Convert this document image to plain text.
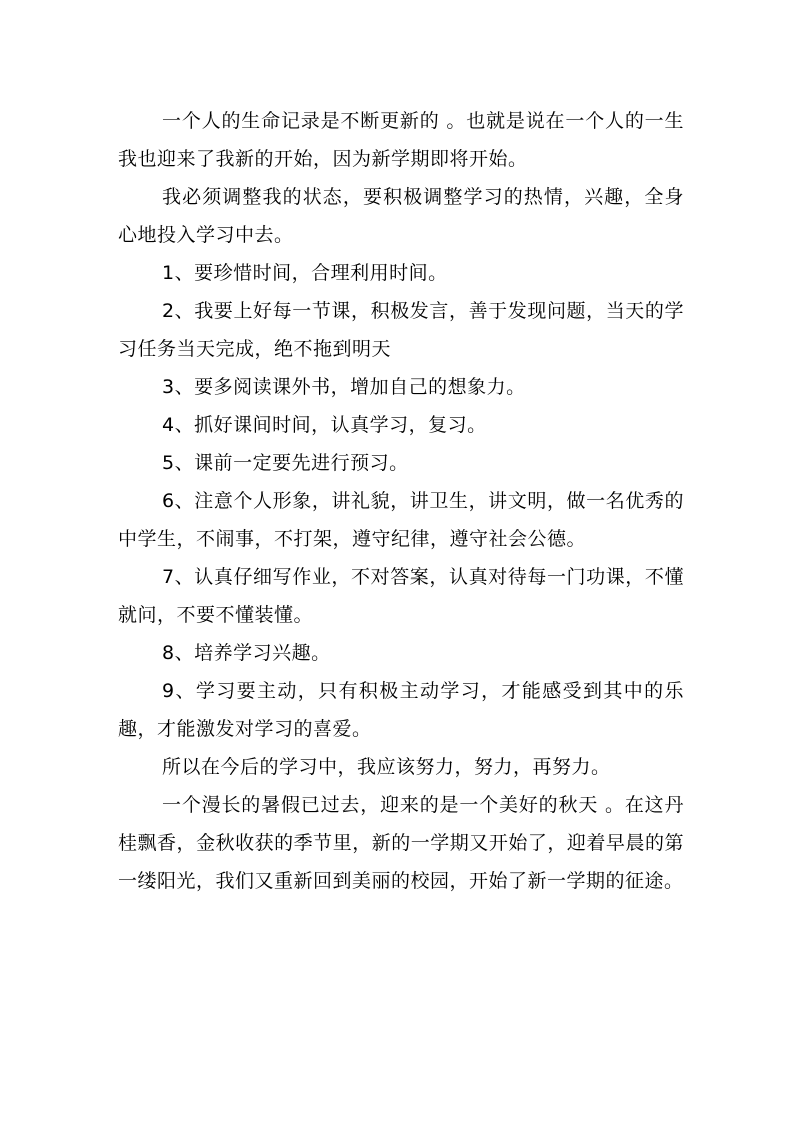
一个人的生命记录是不断更新的 。也就是说在一个人的一生我也迎来了我新的开始，因为新学期即将开始。

我必须调整我的状态，要积极调整学习的热情，兴趣，全身心地投入学习中去。

1、要珍惜时间，合理利用时间。

2、我要上好每一节课，积极发言，善于发现问题，当天的学习任务当天完成，绝不拖到明天

3、要多阅读课外书，增加自己的想象力。

4、抓好课间时间，认真学习，复习。

5、课前一定要先进行预习。

6、注意个人形象，讲礼貌，讲卫生，讲文明，做一名优秀的中学生，不闹事，不打架，遵守纪律，遵守社会公德。

7、认真仔细写作业，不对答案，认真对待每一门功课，不懂就问，不要不懂装懂。

8、培养学习兴趣。

9、学习要主动，只有积极主动学习，才能感受到其中的乐趣，才能激发对学习的喜爱。

所以在今后的学习中，我应该努力，努力，再努力。

一个漫长的暑假已过去，迎来的是一个美好的秋天 。在这丹桂飘香，金秋收获的季节里，新的一学期又开始了，迎着早晨的第一缕阳光，我们又重新回到美丽的校园，开始了新一学期的征途。
